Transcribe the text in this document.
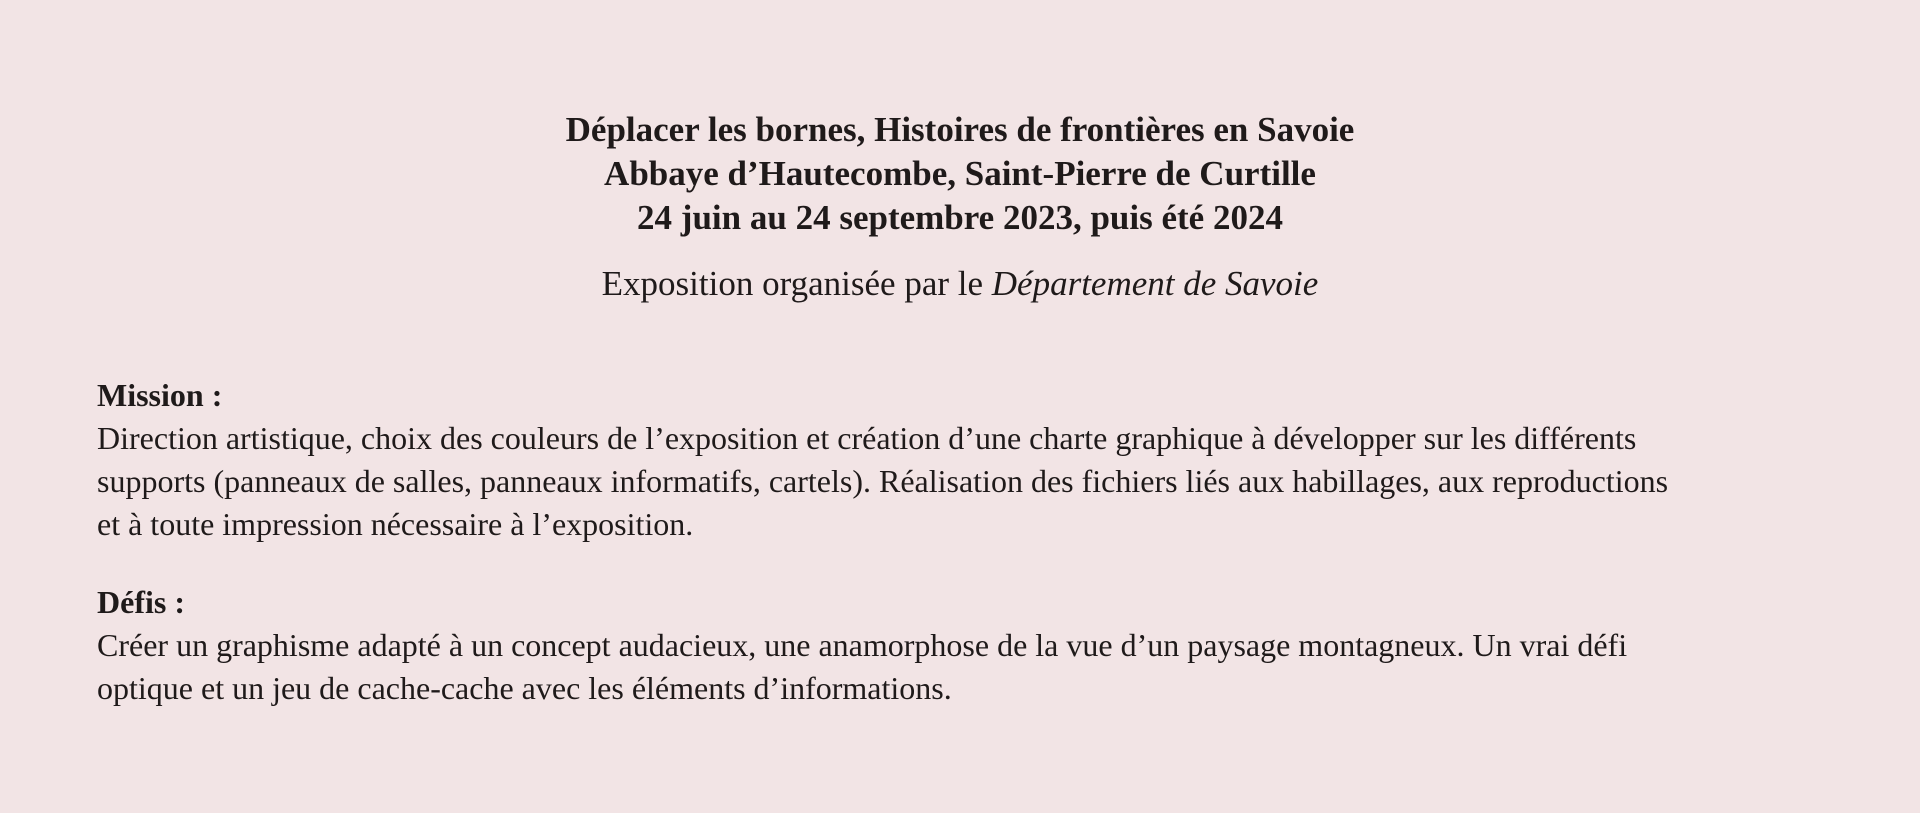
Déplacer les bornes, Histoires de frontières en Savoie
Abbaye d’Hautecombe, Saint-Pierre de Curtille
24 juin au 24 septembre 2023, puis été 2024
Exposition organisée par le Département de Savoie
Mission :
Direction artistique, choix des couleurs de l’exposition et création d’une charte graphique à développer sur les différents
supports (panneaux de salles, panneaux informatifs, cartels). Réalisation des fichiers liés aux habillages, aux reproductions
et à toute impression nécessaire à l’exposition.
Défis :
Créer un graphisme adapté à un concept audacieux, une anamorphose de la vue d’un paysage montagneux. Un vrai défi
optique et un jeu de cache-cache avec les éléments d’informations.
